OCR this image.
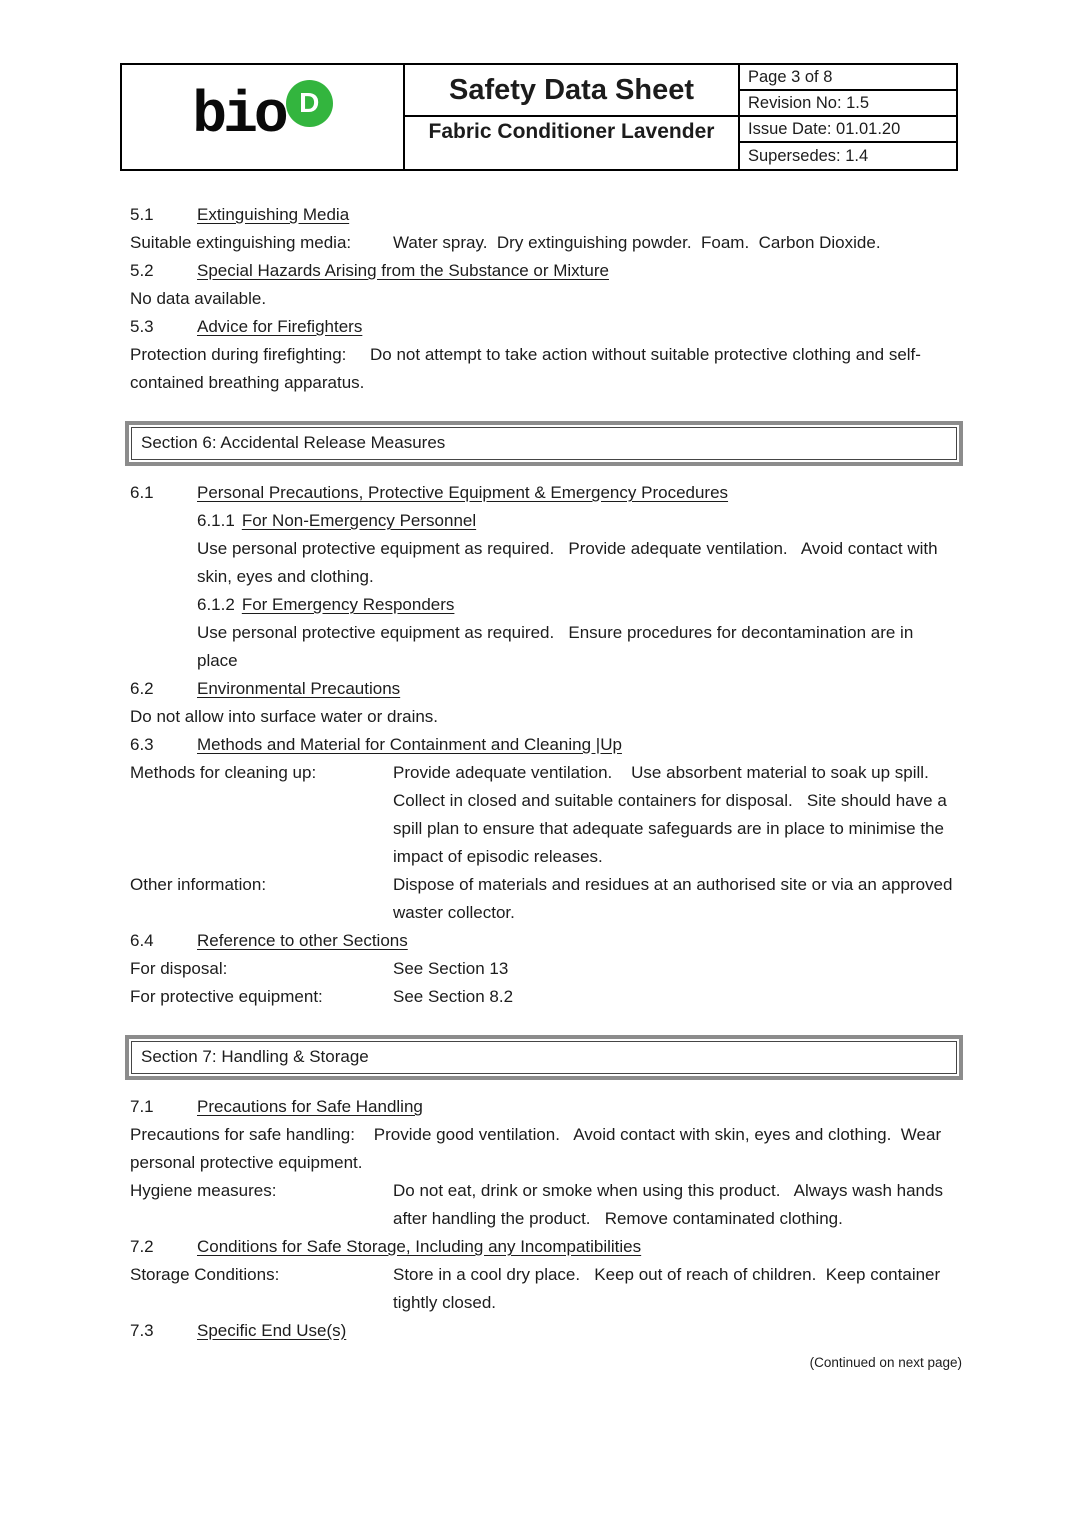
bio D	Safety Data Sheet
Fabric Conditioner Lavender
Page 3 of 8
Revision No: 1.5
Issue Date: 01.01.20
Supersedes: 1.4
5.1	Extinguishing Media
Suitable extinguishing media:	Water spray.  Dry extinguishing powder.  Foam.  Carbon Dioxide.
5.2	Special Hazards Arising from the Substance or Mixture
No data available.
5.3	Advice for Firefighters
Protection during firefighting:     Do not attempt to take action without suitable protective clothing and self-contained breathing apparatus.
Section 6: Accidental Release Measures
6.1	Personal Precautions, Protective Equipment & Emergency Procedures
6.1.1 For Non-Emergency Personnel
Use personal protective equipment as required.   Provide adequate ventilation.   Avoid contact with skin, eyes and clothing.
6.1.2 For Emergency Responders
Use personal protective equipment as required.   Ensure procedures for decontamination are in place
6.2	Environmental Precautions
Do not allow into surface water or drains.
6.3	Methods and Material for Containment and Cleaning |Up
Methods for cleaning up:	Provide adequate ventilation.    Use absorbent material to soak up spill.  Collect in closed and suitable containers for disposal.   Site should have a spill plan to ensure that adequate safeguards are in place to minimise the impact of episodic releases.
Other information:	Dispose of materials and residues at an authorised site or via an approved waster collector.
6.4	Reference to other Sections
For disposal:	See Section 13
For protective equipment:	See Section 8.2
Section 7: Handling & Storage
7.1	Precautions for Safe Handling
Precautions for safe handling:    Provide good ventilation.   Avoid contact with skin, eyes and clothing.  Wear personal protective equipment.
Hygiene measures:	Do not eat, drink or smoke when using this product.   Always wash hands after handling the product.   Remove contaminated clothing.
7.2	Conditions for Safe Storage, Including any Incompatibilities
Storage Conditions:	Store in a cool dry place.   Keep out of reach of children.  Keep container tightly closed.
7.3	Specific End Use(s)
(Continued on next page)
